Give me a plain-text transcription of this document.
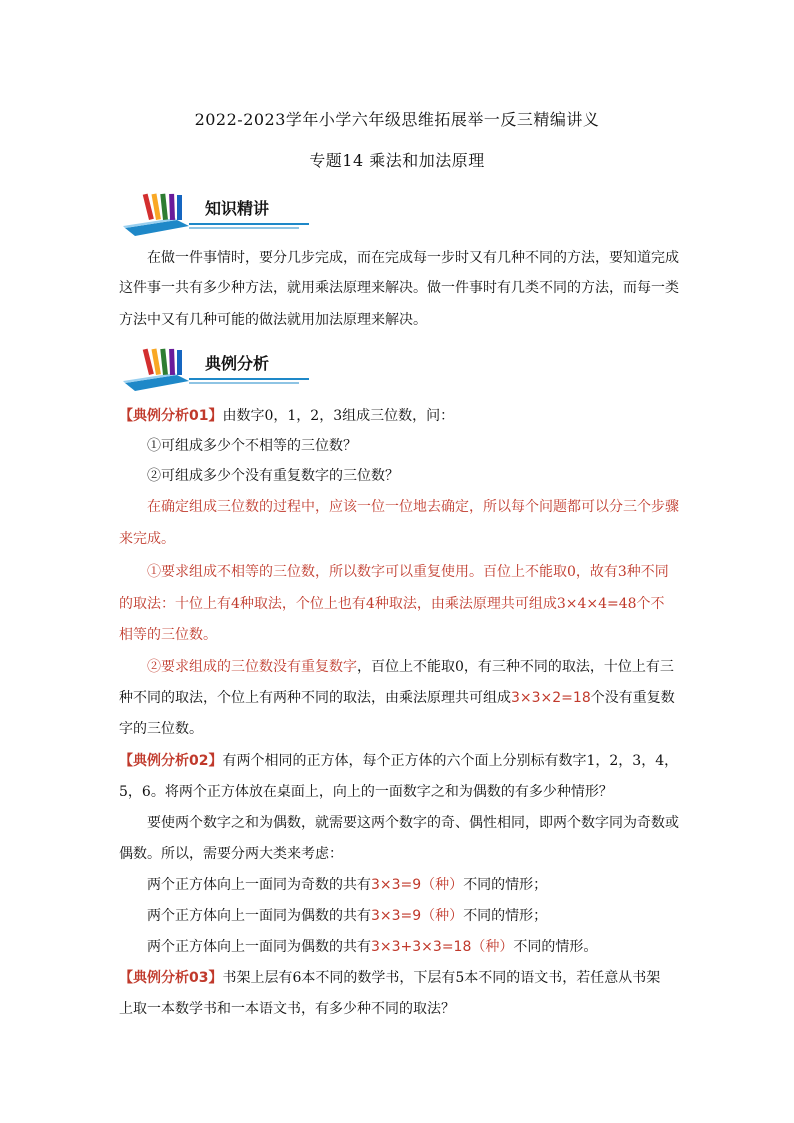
2022-2023学年小学六年级思维拓展举一反三精编讲义
专题14 乘法和加法原理
知识精讲
在做一件事情时，要分几步完成，而在完成每一步时又有几种不同的方法，要知道完成
这件事一共有多少种方法，就用乘法原理来解决。做一件事时有几类不同的方法，而每一类
方法中又有几种可能的做法就用加法原理来解决。
典例分析
【典例分析01】由数字0，1，2，3组成三位数，问：
①可组成多少个不相等的三位数？
②可组成多少个没有重复数字的三位数？
在确定组成三位数的过程中，应该一位一位地去确定，所以每个问题都可以分三个步骤
来完成。
①要求组成不相等的三位数，所以数字可以重复使用。百位上不能取0，故有3种不同
的取法：十位上有4种取法，个位上也有4种取法，由乘法原理共可组成3×4×4=48个不
相等的三位数。
②要求组成的三位数没有重复数字，百位上不能取0，有三种不同的取法，十位上有三
种不同的取法，个位上有两种不同的取法，由乘法原理共可组成3×3×2=18个没有重复数
字的三位数。
【典例分析02】有两个相同的正方体，每个正方体的六个面上分别标有数字1，2，3，4，
5，6。将两个正方体放在桌面上，向上的一面数字之和为偶数的有多少种情形？
要使两个数字之和为偶数，就需要这两个数字的奇、偶性相同，即两个数字同为奇数或
偶数。所以，需要分两大类来考虑：
两个正方体向上一面同为奇数的共有3×3=9（种）不同的情形；
两个正方体向上一面同为偶数的共有3×3=9（种）不同的情形；
两个正方体向上一面同为偶数的共有3×3+3×3=18（种）不同的情形。
【典例分析03】书架上层有6本不同的数学书，下层有5本不同的语文书，若任意从书架
上取一本数学书和一本语文书，有多少种不同的取法？
